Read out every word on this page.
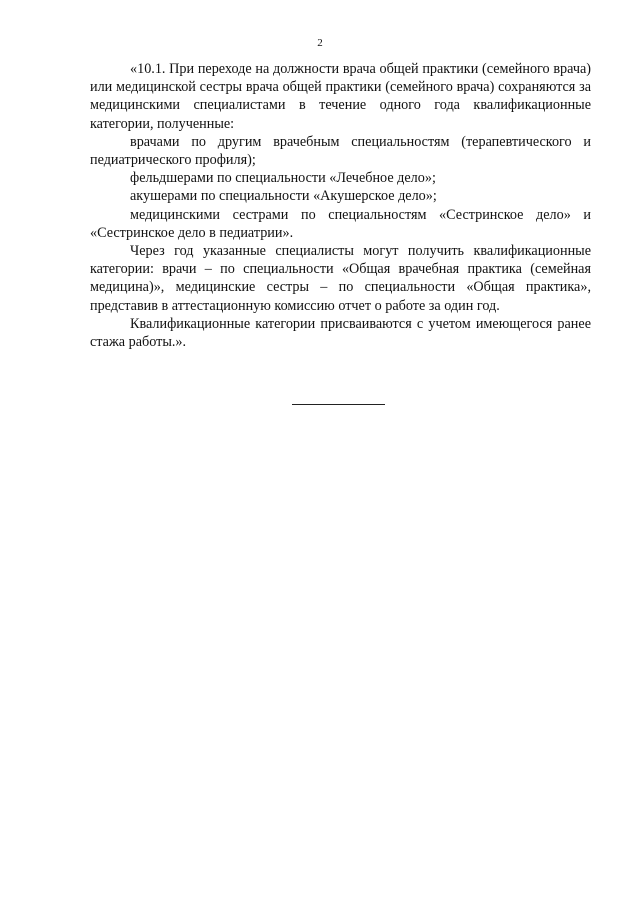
2

«10.1. При переходе на должности врача общей практики (семейного врача) или медицинской сестры врача общей практики (семейного врача) сохраняются за медицинскими специалистами в течение одного года квалификационные категории, полученные:

врачами по другим врачебным специальностям (терапевтического и педиатрического профиля);

фельдшерами по специальности «Лечебное дело»;

акушерами по специальности «Акушерское дело»;

медицинскими сестрами по специальностям «Сестринское дело» и «Сестринское дело в педиатрии».

Через год указанные специалисты могут получить квалификационные категории: врачи – по специальности «Общая врачебная практика (семейная медицина)», медицинские сестры – по специальности «Общая практика», представив в аттестационную комиссию отчет о работе за один год.

Квалификационные категории присваиваются с учетом имеющегося ранее стажа работы.».
